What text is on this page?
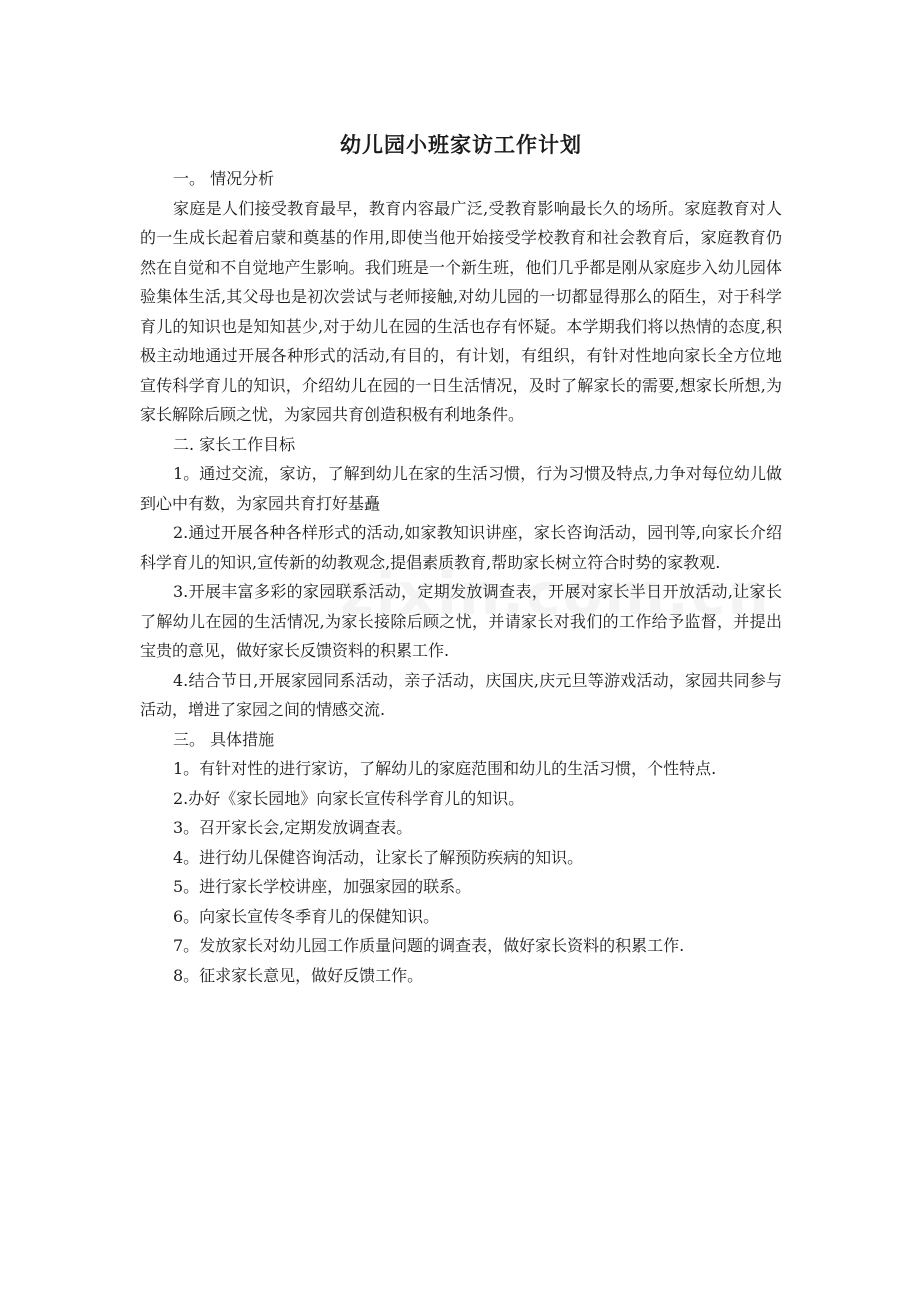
幼儿园小班家访工作计划

一。 情况分析

家庭是人们接受教育最早，教育内容最广泛,受教育影响最长久的场所。家庭教育对人的一生成长起着启蒙和奠基的作用,即使当他开始接受学校教育和社会教育后，家庭教育仍然在自觉和不自觉地产生影响。我们班是一个新生班，他们几乎都是刚从家庭步入幼儿园体验集体生活,其父母也是初次尝试与老师接触,对幼儿园的一切都显得那么的陌生，对于科学育儿的知识也是知知甚少,对于幼儿在园的生活也存有怀疑。本学期我们将以热情的态度,积极主动地通过开展各种形式的活动,有目的，有计划，有组织，有针对性地向家长全方位地宣传科学育儿的知识，介绍幼儿在园的一日生活情况，及时了解家长的需要,想家长所想,为家长解除后顾之忧，为家园共育创造积极有利地条件。

二. 家长工作目标

1。通过交流，家访，了解到幼儿在家的生活习惯，行为习惯及特点,力争对每位幼儿做到心中有数，为家园共育打好基矗

2.通过开展各种各样形式的活动,如家教知识讲座，家长咨询活动，园刊等,向家长介绍科学育儿的知识,宣传新的幼教观念,提倡素质教育,帮助家长树立符合时势的家教观.

3.开展丰富多彩的家园联系活动，定期发放调查表，开展对家长半日开放活动,让家长了解幼儿在园的生活情况,为家长接除后顾之忧，并请家长对我们的工作给予监督，并提出宝贵的意见，做好家长反馈资料的积累工作.

4.结合节日,开展家园同系活动，亲子活动，庆国庆,庆元旦等游戏活动，家园共同参与活动，增进了家园之间的情感交流.

三。 具体措施

1。有针对性的进行家访，了解幼儿的家庭范围和幼儿的生活习惯，个性特点.

2.办好《家长园地》向家长宣传科学育儿的知识。

3。召开家长会,定期发放调查表。

4。进行幼儿保健咨询活动，让家长了解预防疾病的知识。

5。进行家长学校讲座，加强家园的联系。

6。向家长宣传冬季育儿的保健知识。

7。发放家长对幼儿园工作质量问题的调查表，做好家长资料的积累工作.

8。征求家长意见，做好反馈工作。
